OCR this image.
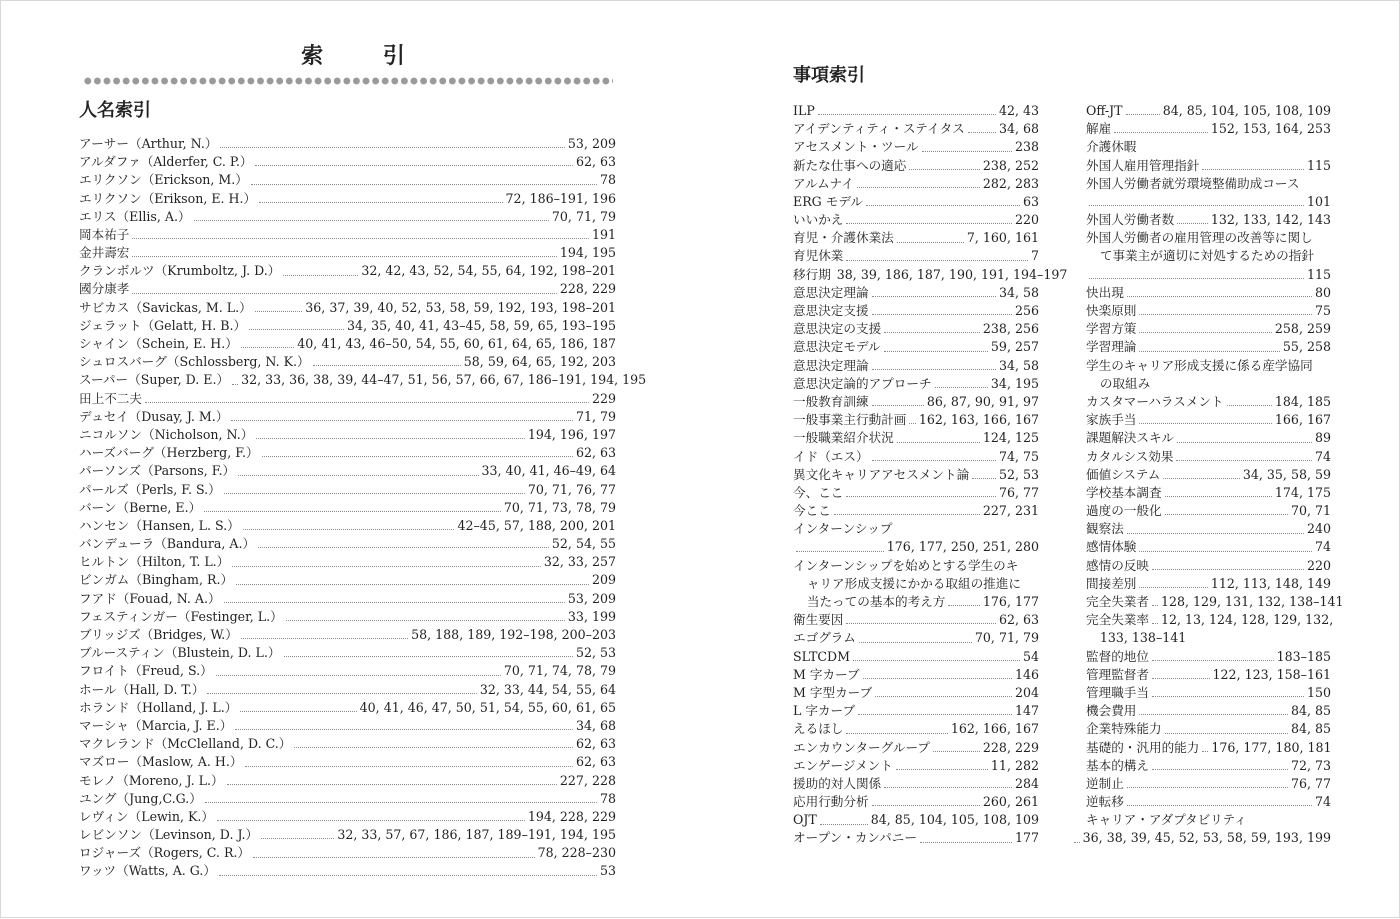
索 引
人名索引
アーサー（Arthur, N.）	53, 209
アルダファ（Alderfer, C. P.）	62, 63
エリクソン（Erickson, M.）	78
エリクソン（Erikson, E. H.）	72, 186–191, 196
エリス（Ellis, A.）	70, 71, 79
岡本祐子	191
金井壽宏	194, 195
クランボルツ（Krumboltz, J. D.）	32, 42, 43, 52, 54, 55, 64, 192, 198–201
國分康孝	228, 229
サビカス（Savickas, M. L.）	36, 37, 39, 40, 52, 53, 58, 59, 192, 193, 198–201
ジェラット（Gelatt, H. B.）	34, 35, 40, 41, 43–45, 58, 59, 65, 193–195
シャイン（Schein, E. H.）	40, 41, 43, 46–50, 54, 55, 60, 61, 64, 65, 186, 187
シュロスバーグ（Schlossberg, N. K.）	58, 59, 64, 65, 192, 203
スーパー（Super, D. E.） 32, 33, 36, 38, 39, 44–47, 51, 56, 57, 66, 67, 186–191, 194, 195
田上不二夫	229
デュセイ（Dusay, J. M.）	71, 79
ニコルソン（Nicholson, N.）	194, 196, 197
ハーズバーグ（Herzberg, F.）	62, 63
パーソンズ（Parsons, F.）	33, 40, 41, 46–49, 64
パールズ（Perls, F. S.）	70, 71, 76, 77
バーン（Berne, E.）	70, 71, 73, 78, 79
ハンセン（Hansen, L. S.）	42–45, 57, 188, 200, 201
バンデューラ（Bandura, A.）	52, 54, 55
ヒルトン（Hilton, T. L.）	32, 33, 257
ビンガム（Bingham, R.）	209
フアド（Fouad, N. A.）	53, 209
フェスティンガー（Festinger, L.）	33, 199
ブリッジズ（Bridges, W.）	58, 188, 189, 192–198, 200–203
ブルースティン（Blustein, D. L.）	52, 53
フロイト（Freud, S.）	70, 71, 74, 78, 79
ホール（Hall, D. T.）	32, 33, 44, 54, 55, 64
ホランド（Holland, J. L.）	40, 41, 46, 47, 50, 51, 54, 55, 60, 61, 65
マーシャ（Marcia, J. E.）	34, 68
マクレランド（McClelland, D. C.）	62, 63
マズロー（Maslow, A. H.）	62, 63
モレノ（Moreno, J. L.）	227, 228
ユング（Jung,C.G.）	78
レヴィン（Lewin, K.）	194, 228, 229
レビンソン（Levinson, D. J.）	32, 33, 57, 67, 186, 187, 189–191, 194, 195
ロジャーズ（Rogers, C. R.）	78, 228–230
ワッツ（Watts, A. G.）	53
事項索引
ILP	42, 43
アイデンティティ・ステイタス	34, 68
アセスメント・ツール	238
新たな仕事への適応	238, 252
アルムナイ	282, 283
ERG モデル	63
いいかえ	220
育児・介護休業法	7, 160, 161
育児休業	7
移行期 38, 39, 186, 187, 190, 191, 194–197
意思決定理論	34, 58
意思決定支援	256
意思決定の支援	238, 256
意思決定モデル	59, 257
意思決定理論	34, 58
意思決定論的アプローチ	34, 195
一般教育訓練	86, 87, 90, 91, 97
一般事業主行動計画 162, 163, 166, 167
一般職業紹介状況	124, 125
イド（エス）	74, 75
異文化キャリアアセスメント論 52, 53
今、ここ	76, 77
今ここ	227, 231
インターンシップ
176, 177, 250, 251, 280
インターンシップを始めとする学生のキ
ャリア形成支援にかかる取組の推進に
当たっての基本的考え方	176, 177
衛生要因	62, 63
エゴグラム	70, 71, 79
SLTCDM	54
M 字カーブ	146
M 字型カーブ	204
L 字カーブ	147
えるほし	162, 166, 167
エンカウンターグループ	228, 229
エンゲージメント	11, 282
援助的対人関係	284
応用行動分析	260, 261
OJT	84, 85, 104, 105, 108, 109
オープン・カンパニー	177
Off-JT	84, 85, 104, 105, 108, 109
解雇	152, 153, 164, 253
介護休暇
外国人雇用管理指針	115
外国人労働者就労環境整備助成コース
101
外国人労働者数	132, 133, 142, 143
外国人労働者の雇用管理の改善等に関し
て事業主が適切に対処するための指針
115
快出現	80
快楽原則	75
学習方策	258, 259
学習理論	55, 258
学生のキャリア形成支援に係る産学協同
の取組み
カスタマーハラスメント	184, 185
家族手当	166, 167
課題解決スキル	89
カタルシス効果	74
価値システム	34, 35, 58, 59
学校基本調査	174, 175
過度の一般化	70, 71
観察法	240
感情体験	74
感情の反映	220
間接差別	112, 113, 148, 149
完全失業者 128, 129, 131, 132, 138–141
完全失業率 12, 13, 124, 128, 129, 132,
133, 138–141
監督的地位	183–185
管理監督者	122, 123, 158–161
管理職手当	150
機会費用	84, 85
企業特殊能力	84, 85
基礎的・汎用的能力 176, 177, 180, 181
基本的構え	72, 73
逆制止	76, 77
逆転移	74
キャリア・アダプタビリティ
36, 38, 39, 45, 52, 53, 58, 59, 193, 199
